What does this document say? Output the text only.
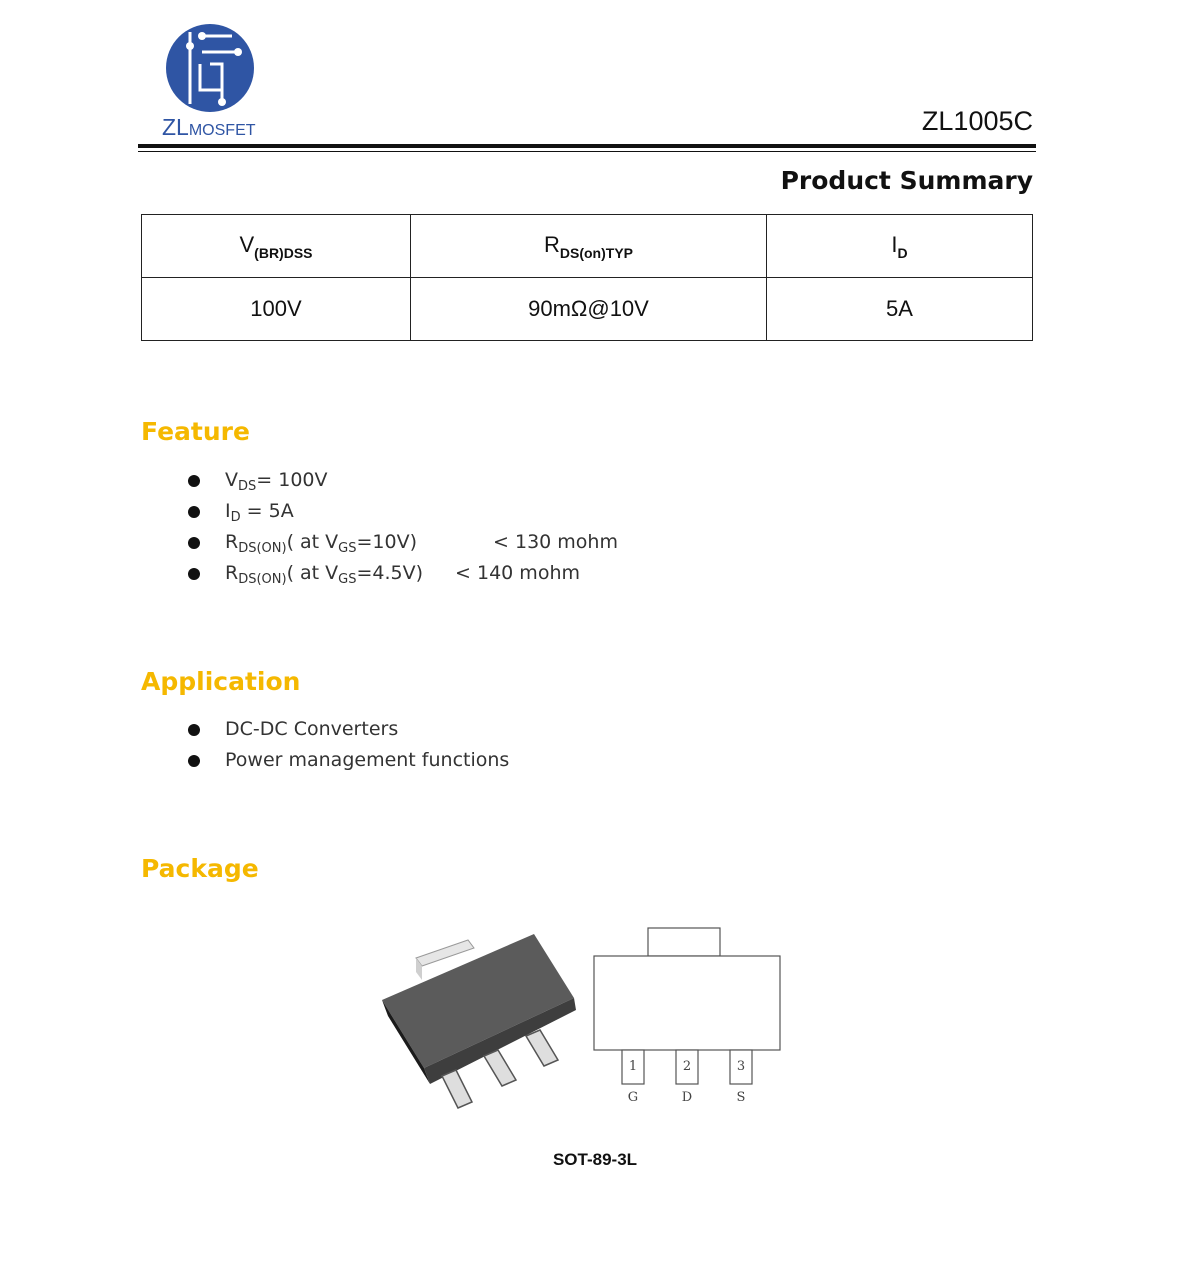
ZLMOSFET	ZL1005C
Product Summary
$V_{(BR)DSS}$	$R_{DS(on)TYP}$	$I_D$
100V	90mΩ@10V	5A
Feature
$V_{DS}= 100V$
$I_D = 5A$
$R_{DS(ON)}$( at $V_{GS}=10V$)	< 130 mohm
$R_{DS(ON)}$( at $V_{GS}=4.5V) < 140$ mohm
Application
DC-DC Converters
Power management functions
Package
1	2	3
G	D	S
SOT-89-3L
